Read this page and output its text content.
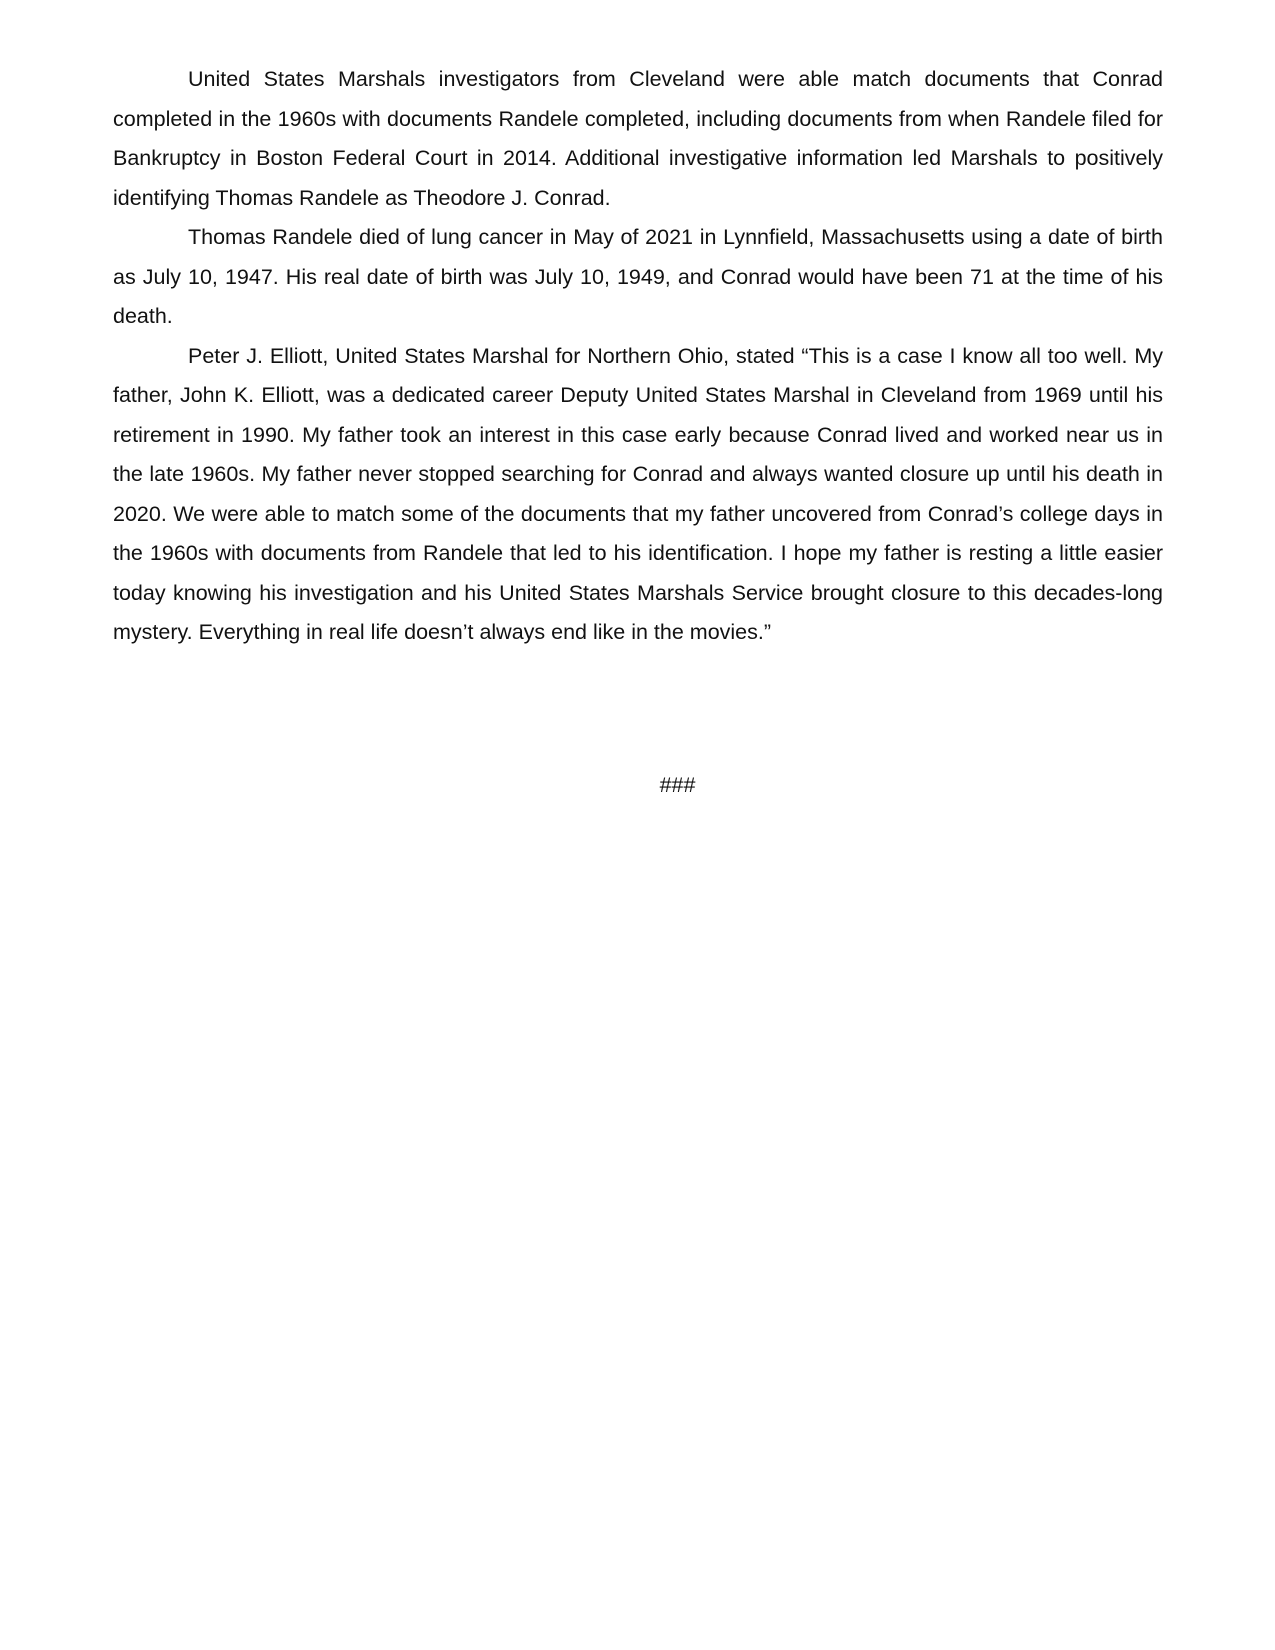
United States Marshals investigators from Cleveland were able match documents that Conrad completed in the 1960s with documents Randele completed, including documents from when Randele filed for Bankruptcy in Boston Federal Court in 2014. Additional investigative information led Marshals to positively identifying Thomas Randele as Theodore J. Conrad.

Thomas Randele died of lung cancer in May of 2021 in Lynnfield, Massachusetts using a date of birth as July 10, 1947. His real date of birth was July 10, 1949, and Conrad would have been 71 at the time of his death.

Peter J. Elliott, United States Marshal for Northern Ohio, stated “This is a case I know all too well. My father, John K. Elliott, was a dedicated career Deputy United States Marshal in Cleveland from 1969 until his retirement in 1990. My father took an interest in this case early because Conrad lived and worked near us in the late 1960s. My father never stopped searching for Conrad and always wanted closure up until his death in 2020. We were able to match some of the documents that my father uncovered from Conrad’s college days in the 1960s with documents from Randele that led to his identification. I hope my father is resting a little easier today knowing his investigation and his United States Marshals Service brought closure to this decades-long mystery. Everything in real life doesn’t always end like in the movies.”

###
